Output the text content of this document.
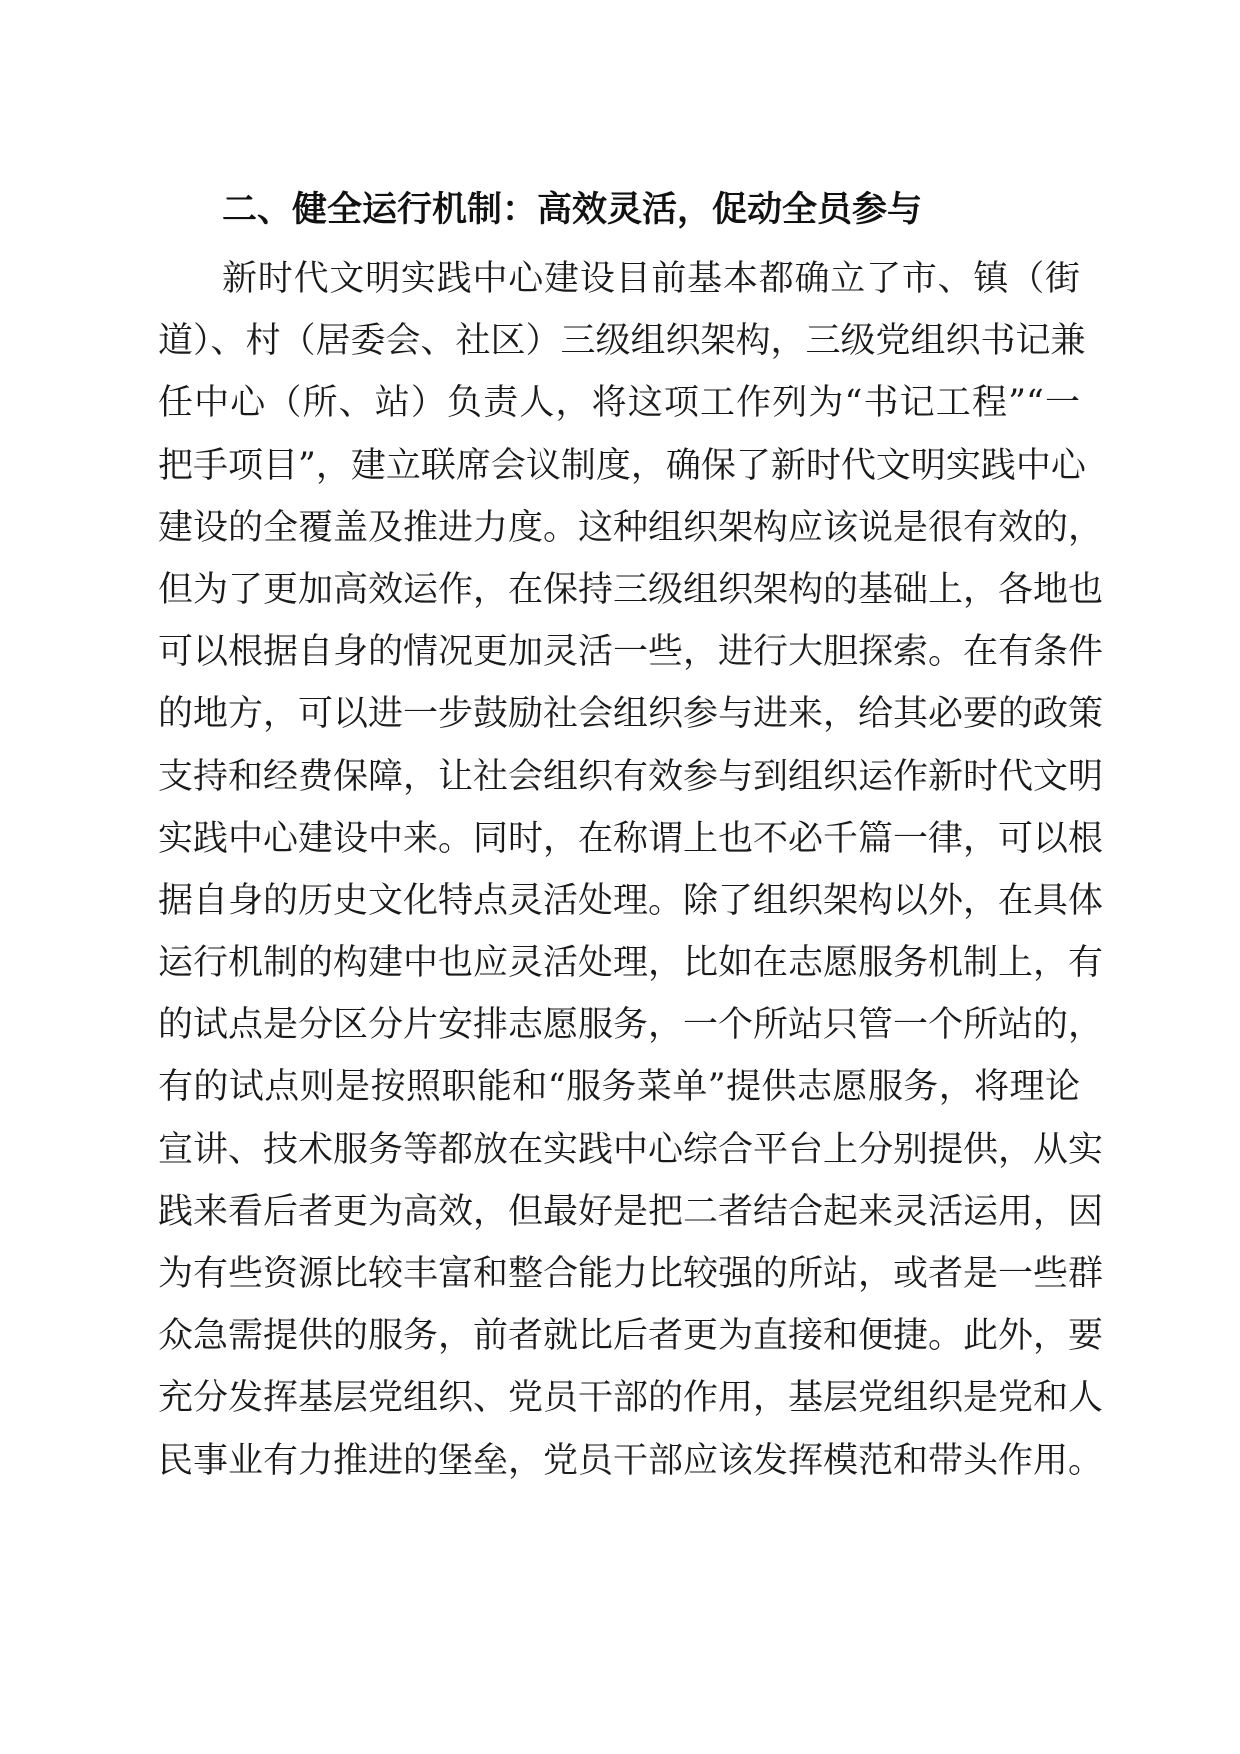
二、健全运行机制：高效灵活，促动全员参与
新时代文明实践中心建设目前基本都确立了市、镇（街
道）、村（居委会、社区）三级组织架构，三级党组织书记兼
任中心（所、站）负责人，将这项工作列为“书记工程”“一
把手项目”，建立联席会议制度，确保了新时代文明实践中心
建设的全覆盖及推进力度。这种组织架构应该说是很有效的，
但为了更加高效运作，在保持三级组织架构的基础上，各地也
可以根据自身的情况更加灵活一些，进行大胆探索。在有条件
的地方，可以进一步鼓励社会组织参与进来，给其必要的政策
支持和经费保障，让社会组织有效参与到组织运作新时代文明
实践中心建设中来。同时，在称谓上也不必千篇一律，可以根
据自身的历史文化特点灵活处理。除了组织架构以外，在具体
运行机制的构建中也应灵活处理，比如在志愿服务机制上，有
的试点是分区分片安排志愿服务，一个所站只管一个所站的，
有的试点则是按照职能和“服务菜单”提供志愿服务，将理论
宣讲、技术服务等都放在实践中心综合平台上分别提供，从实
践来看后者更为高效，但最好是把二者结合起来灵活运用，因
为有些资源比较丰富和整合能力比较强的所站，或者是一些群
众急需提供的服务，前者就比后者更为直接和便捷。此外，要
充分发挥基层党组织、党员干部的作用，基层党组织是党和人
民事业有力推进的堡垒，党员干部应该发挥模范和带头作用。
